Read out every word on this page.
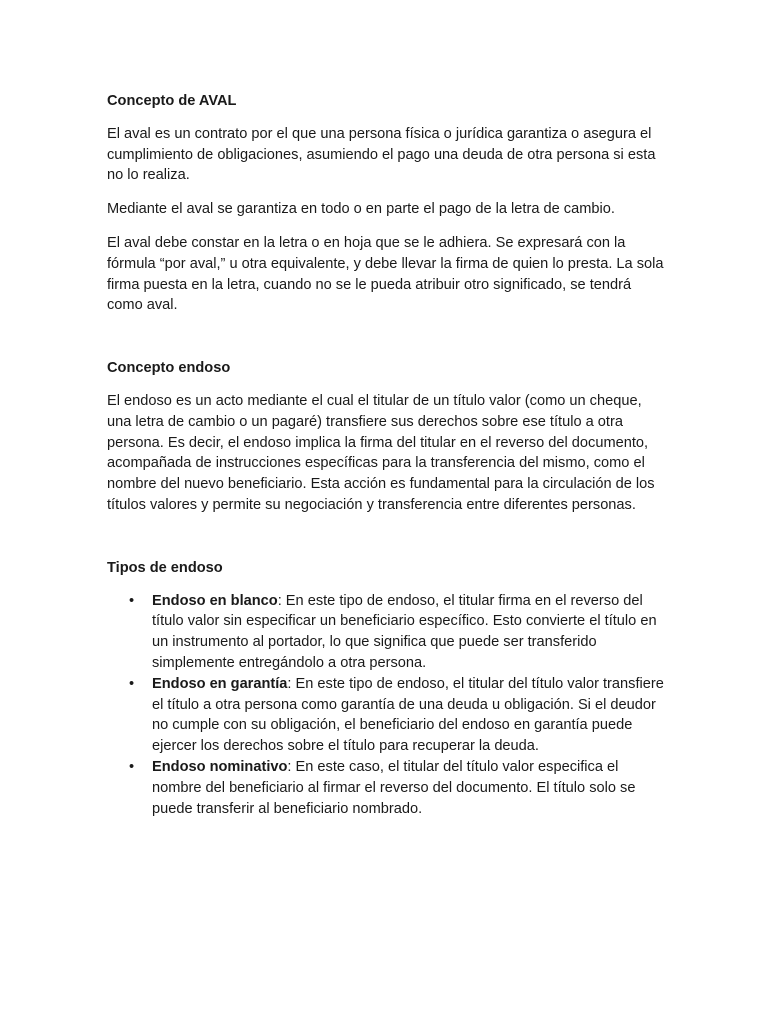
Concepto de AVAL

El aval es un contrato por el que una persona física o jurídica garantiza o asegura el cumplimiento de obligaciones, asumiendo el pago una deuda de otra persona si esta no lo realiza.

Mediante el aval se garantiza en todo o en parte el pago de la letra de cambio.

El aval debe constar en la letra o en hoja que se le adhiera. Se expresará con la fórmula “por aval,” u otra equivalente, y debe llevar la firma de quien lo presta. La sola firma puesta en la letra, cuando no se le pueda atribuir otro significado, se tendrá como aval.

Concepto endoso

El endoso es un acto mediante el cual el titular de un título valor (como un cheque, una letra de cambio o un pagaré) transfiere sus derechos sobre ese título a otra persona. Es decir, el endoso implica la firma del titular en el reverso del documento, acompañada de instrucciones específicas para la transferencia del mismo, como el nombre del nuevo beneficiario. Esta acción es fundamental para la circulación de los títulos valores y permite su negociación y transferencia entre diferentes personas.

Tipos de endoso
• Endoso en blanco: En este tipo de endoso, el titular firma en el reverso del título valor sin especificar un beneficiario específico. Esto convierte el título en un instrumento al portador, lo que significa que puede ser transferido simplemente entregándolo a otra persona.
• Endoso en garantía: En este tipo de endoso, el titular del título valor transfiere el título a otra persona como garantía de una deuda u obligación. Si el deudor no cumple con su obligación, el beneficiario del endoso en garantía puede ejercer los derechos sobre el título para recuperar la deuda.
• Endoso nominativo: En este caso, el titular del título valor especifica el nombre del beneficiario al firmar el reverso del documento. El título solo se puede transferir al beneficiario nombrado.
